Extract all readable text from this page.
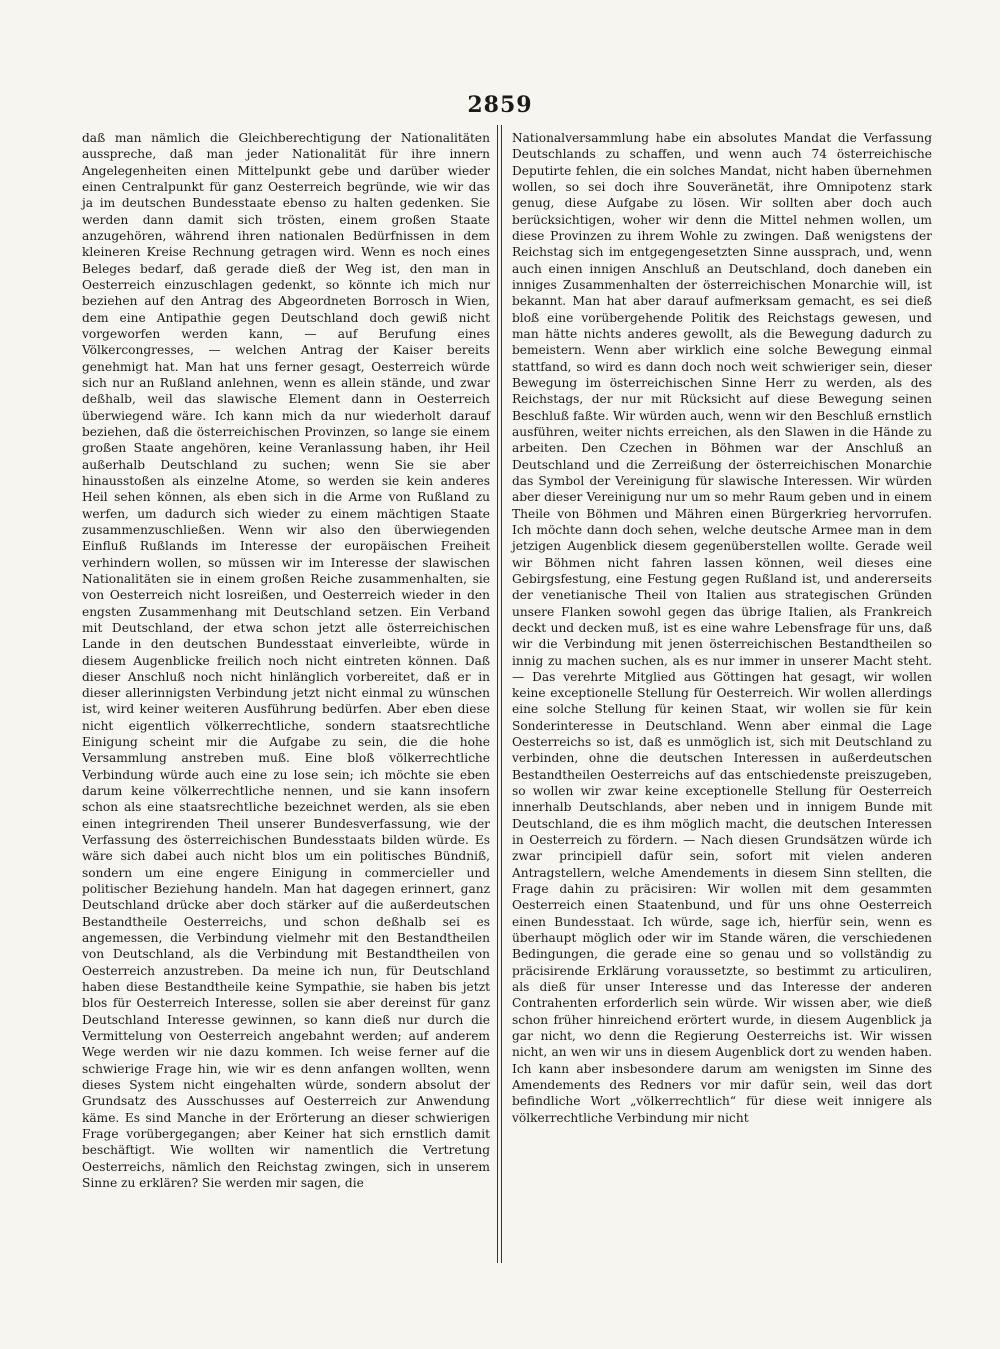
2859

daß man nämlich die Gleichberechtigung der Nationalitäten ausspreche, daß man jeder Nationalität für ihre innern Angelegenheiten einen Mittelpunkt gebe und darüber wieder einen Centralpunkt für ganz Oesterreich begründe, wie wir das ja im deutschen Bundesstaate ebenso zu halten gedenken. Sie werden dann damit sich trösten, einem großen Staate anzugehören, während ihren nationalen Bedürfnissen in dem kleineren Kreise Rechnung getragen wird. Wenn es noch eines Beleges bedarf, daß gerade dieß der Weg ist, den man in Oesterreich einzuschlagen gedenkt, so könnte ich mich nur beziehen auf den Antrag des Abgeordneten Borrosch in Wien, dem eine Antipathie gegen Deutschland doch gewiß nicht vorgeworfen werden kann, — auf Berufung eines Völkercongresses, — welchen Antrag der Kaiser bereits genehmigt hat. Man hat uns ferner gesagt, Oesterreich würde sich nur an Rußland anlehnen, wenn es allein stände, und zwar deßhalb, weil das slawische Element dann in Oesterreich überwiegend wäre. Ich kann mich da nur wiederholt darauf beziehen, daß die österreichischen Provinzen, so lange sie einem großen Staate angehören, keine Veranlassung haben, ihr Heil außerhalb Deutschland zu suchen; wenn Sie sie aber hinausstoßen als einzelne Atome, so werden sie kein anderes Heil sehen können, als eben sich in die Arme von Rußland zu werfen, um dadurch sich wieder zu einem mächtigen Staate zusammenzuschließen. Wenn wir also den überwiegenden Einfluß Rußlands im Interesse der europäischen Freiheit verhindern wollen, so müssen wir im Interesse der slawischen Nationalitäten sie in einem großen Reiche zusammenhalten, sie von Oesterreich nicht losreißen, und Oesterreich wieder in den engsten Zusammenhang mit Deutschland setzen. Ein Verband mit Deutschland, der etwa schon jetzt alle österreichischen Lande in den deutschen Bundesstaat einverleibte, würde in diesem Augenblicke freilich noch nicht eintreten können. Daß dieser Anschluß noch nicht hinlänglich vorbereitet, daß er in dieser allerinnigsten Verbindung jetzt nicht einmal zu wünschen ist, wird keiner weiteren Ausführung bedürfen. Aber eben diese nicht eigentlich völkerrechtliche, sondern staatsrechtliche Einigung scheint mir die Aufgabe zu sein, die die hohe Versammlung anstreben muß. Eine bloß völkerrechtliche Verbindung würde auch eine zu lose sein; ich möchte sie eben darum keine völkerrechtliche nennen, und sie kann insofern schon als eine staatsrechtliche bezeichnet werden, als sie eben einen integrirenden Theil unserer Bundesverfassung, wie der Verfassung des österreichischen Bundesstaats bilden würde. Es wäre sich dabei auch nicht blos um ein politisches Bündniß, sondern um eine engere Einigung in commercieller und politischer Beziehung handeln. Man hat dagegen erinnert, ganz Deutschland drücke aber doch stärker auf die außerdeutschen Bestandtheile Oesterreichs, und schon deßhalb sei es angemessen, die Verbindung vielmehr mit den Bestandtheilen von Deutschland, als die Verbindung mit Bestandtheilen von Oesterreich anzustreben. Da meine ich nun, für Deutschland haben diese Bestandtheile keine Sympathie, sie haben bis jetzt blos für Oesterreich Interesse, sollen sie aber dereinst für ganz Deutschland Interesse gewinnen, so kann dieß nur durch die Vermittelung von Oesterreich angebahnt werden; auf anderem Wege werden wir nie dazu kommen. Ich weise ferner auf die schwierige Frage hin, wie wir es denn anfangen wollten, wenn dieses System nicht eingehalten würde, sondern absolut der Grundsatz des Ausschusses auf Oesterreich zur Anwendung käme. Es sind Manche in der Erörterung an dieser schwierigen Frage vorübergegangen; aber Keiner hat sich ernstlich damit beschäftigt. Wie wollten wir namentlich die Vertretung Oesterreichs, nämlich den Reichstag zwingen, sich in unserem Sinne zu erklären? Sie werden mir sagen, die

Nationalversammlung habe ein absolutes Mandat die Verfassung Deutschlands zu schaffen, und wenn auch 74 österreichische Deputirte fehlen, die ein solches Mandat, nicht haben übernehmen wollen, so sei doch ihre Souveränetät, ihre Omnipotenz stark genug, diese Aufgabe zu lösen. Wir sollten aber doch auch berücksichtigen, woher wir denn die Mittel nehmen wollen, um diese Provinzen zu ihrem Wohle zu zwingen. Daß wenigstens der Reichstag sich im entgegengesetzten Sinne aussprach, und, wenn auch einen innigen Anschluß an Deutschland, doch daneben ein inniges Zusammenhalten der österreichischen Monarchie will, ist bekannt. Man hat aber darauf aufmerksam gemacht, es sei dieß bloß eine vorübergehende Politik des Reichstags gewesen, und man hätte nichts anderes gewollt, als die Bewegung dadurch zu bemeistern. Wenn aber wirklich eine solche Bewegung einmal stattfand, so wird es dann doch noch weit schwieriger sein, dieser Bewegung im österreichischen Sinne Herr zu werden, als des Reichstags, der nur mit Rücksicht auf diese Bewegung seinen Beschluß faßte. Wir würden auch, wenn wir den Beschluß ernstlich ausführen, weiter nichts erreichen, als den Slawen in die Hände zu arbeiten. Den Czechen in Böhmen war der Anschluß an Deutschland und die Zerreißung der österreichischen Monarchie das Symbol der Vereinigung für slawische Interessen. Wir würden aber dieser Vereinigung nur um so mehr Raum geben und in einem Theile von Böhmen und Mähren einen Bürgerkrieg hervorrufen. Ich möchte dann doch sehen, welche deutsche Armee man in dem jetzigen Augenblick diesem gegenüberstellen wollte. Gerade weil wir Böhmen nicht fahren lassen können, weil dieses eine Gebirgsfestung, eine Festung gegen Rußland ist, und andererseits der venetianische Theil von Italien aus strategischen Gründen unsere Flanken sowohl gegen das übrige Italien, als Frankreich deckt und decken muß, ist es eine wahre Lebensfrage für uns, daß wir die Verbindung mit jenen österreichischen Bestandtheilen so innig zu machen suchen, als es nur immer in unserer Macht steht. — Das verehrte Mitglied aus Göttingen hat gesagt, wir wollen keine exceptionelle Stellung für Oesterreich. Wir wollen allerdings eine solche Stellung für keinen Staat, wir wollen sie für kein Sonderinteresse in Deutschland. Wenn aber einmal die Lage Oesterreichs so ist, daß es unmöglich ist, sich mit Deutschland zu verbinden, ohne die deutschen Interessen in außerdeutschen Bestandtheilen Oesterreichs auf das entschiedenste preiszugeben, so wollen wir zwar keine exceptionelle Stellung für Oesterreich innerhalb Deutschlands, aber neben und in innigem Bunde mit Deutschland, die es ihm möglich macht, die deutschen Interessen in Oesterreich zu fördern. — Nach diesen Grundsätzen würde ich zwar principiell dafür sein, sofort mit vielen anderen Antragstellern, welche Amendements in diesem Sinn stellten, die Frage dahin zu präcisiren: Wir wollen mit dem gesammten Oesterreich einen Staatenbund, und für uns ohne Oesterreich einen Bundesstaat. Ich würde, sage ich, hierfür sein, wenn es überhaupt möglich oder wir im Stande wären, die verschiedenen Bedingungen, die gerade eine so genau und so vollständig zu präcisirende Erklärung voraussetzte, so bestimmt zu articuliren, als dieß für unser Interesse und das Interesse der anderen Contrahenten erforderlich sein würde. Wir wissen aber, wie dieß schon früher hinreichend erörtert wurde, in diesem Augenblick ja gar nicht, wo denn die Regierung Oesterreichs ist. Wir wissen nicht, an wen wir uns in diesem Augenblick dort zu wenden haben. Ich kann aber insbesondere darum am wenigsten im Sinne des Amendements des Redners vor mir dafür sein, weil das dort befindliche Wort „völkerrechtlich“ für diese weit innigere als völkerrechtliche Verbindung mir nicht
